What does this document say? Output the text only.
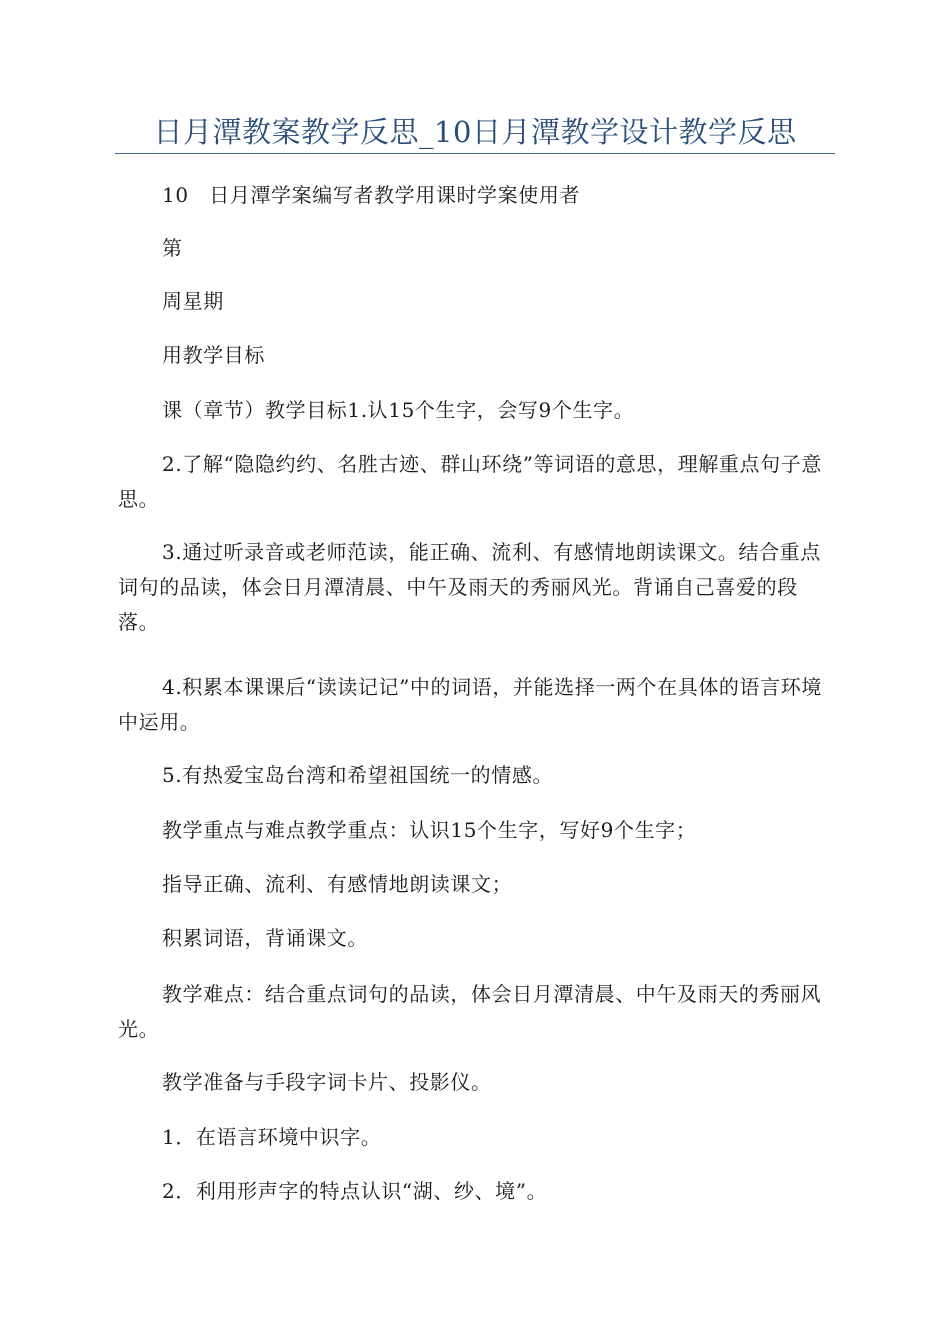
日月潭教案教学反思_10日月潭教学设计教学反思

10　日月潭学案编写者教学用课时学案使用者

第

周星期

用教学目标

课（章节）教学目标1.认15个生字，会写9个生字。

2.了解“隐隐约约、名胜古迹、群山环绕”等词语的意思，理解重点句子意思。

3.通过听录音或老师范读，能正确、流利、有感情地朗读课文。结合重点词句的品读，体会日月潭清晨、中午及雨天的秀丽风光。背诵自己喜爱的段落。

4.积累本课课后“读读记记”中的词语，并能选择一两个在具体的语言环境中运用。

5.有热爱宝岛台湾和希望祖国统一的情感。

教学重点与难点教学重点：认识15个生字，写好9个生字；

指导正确、流利、有感情地朗读课文；

积累词语，背诵课文。

教学难点：结合重点词句的品读，体会日月潭清晨、中午及雨天的秀丽风光。

教学准备与手段字词卡片、投影仪。

1．在语言环境中识字。

2．利用形声字的特点认识“湖、纱、境”。
